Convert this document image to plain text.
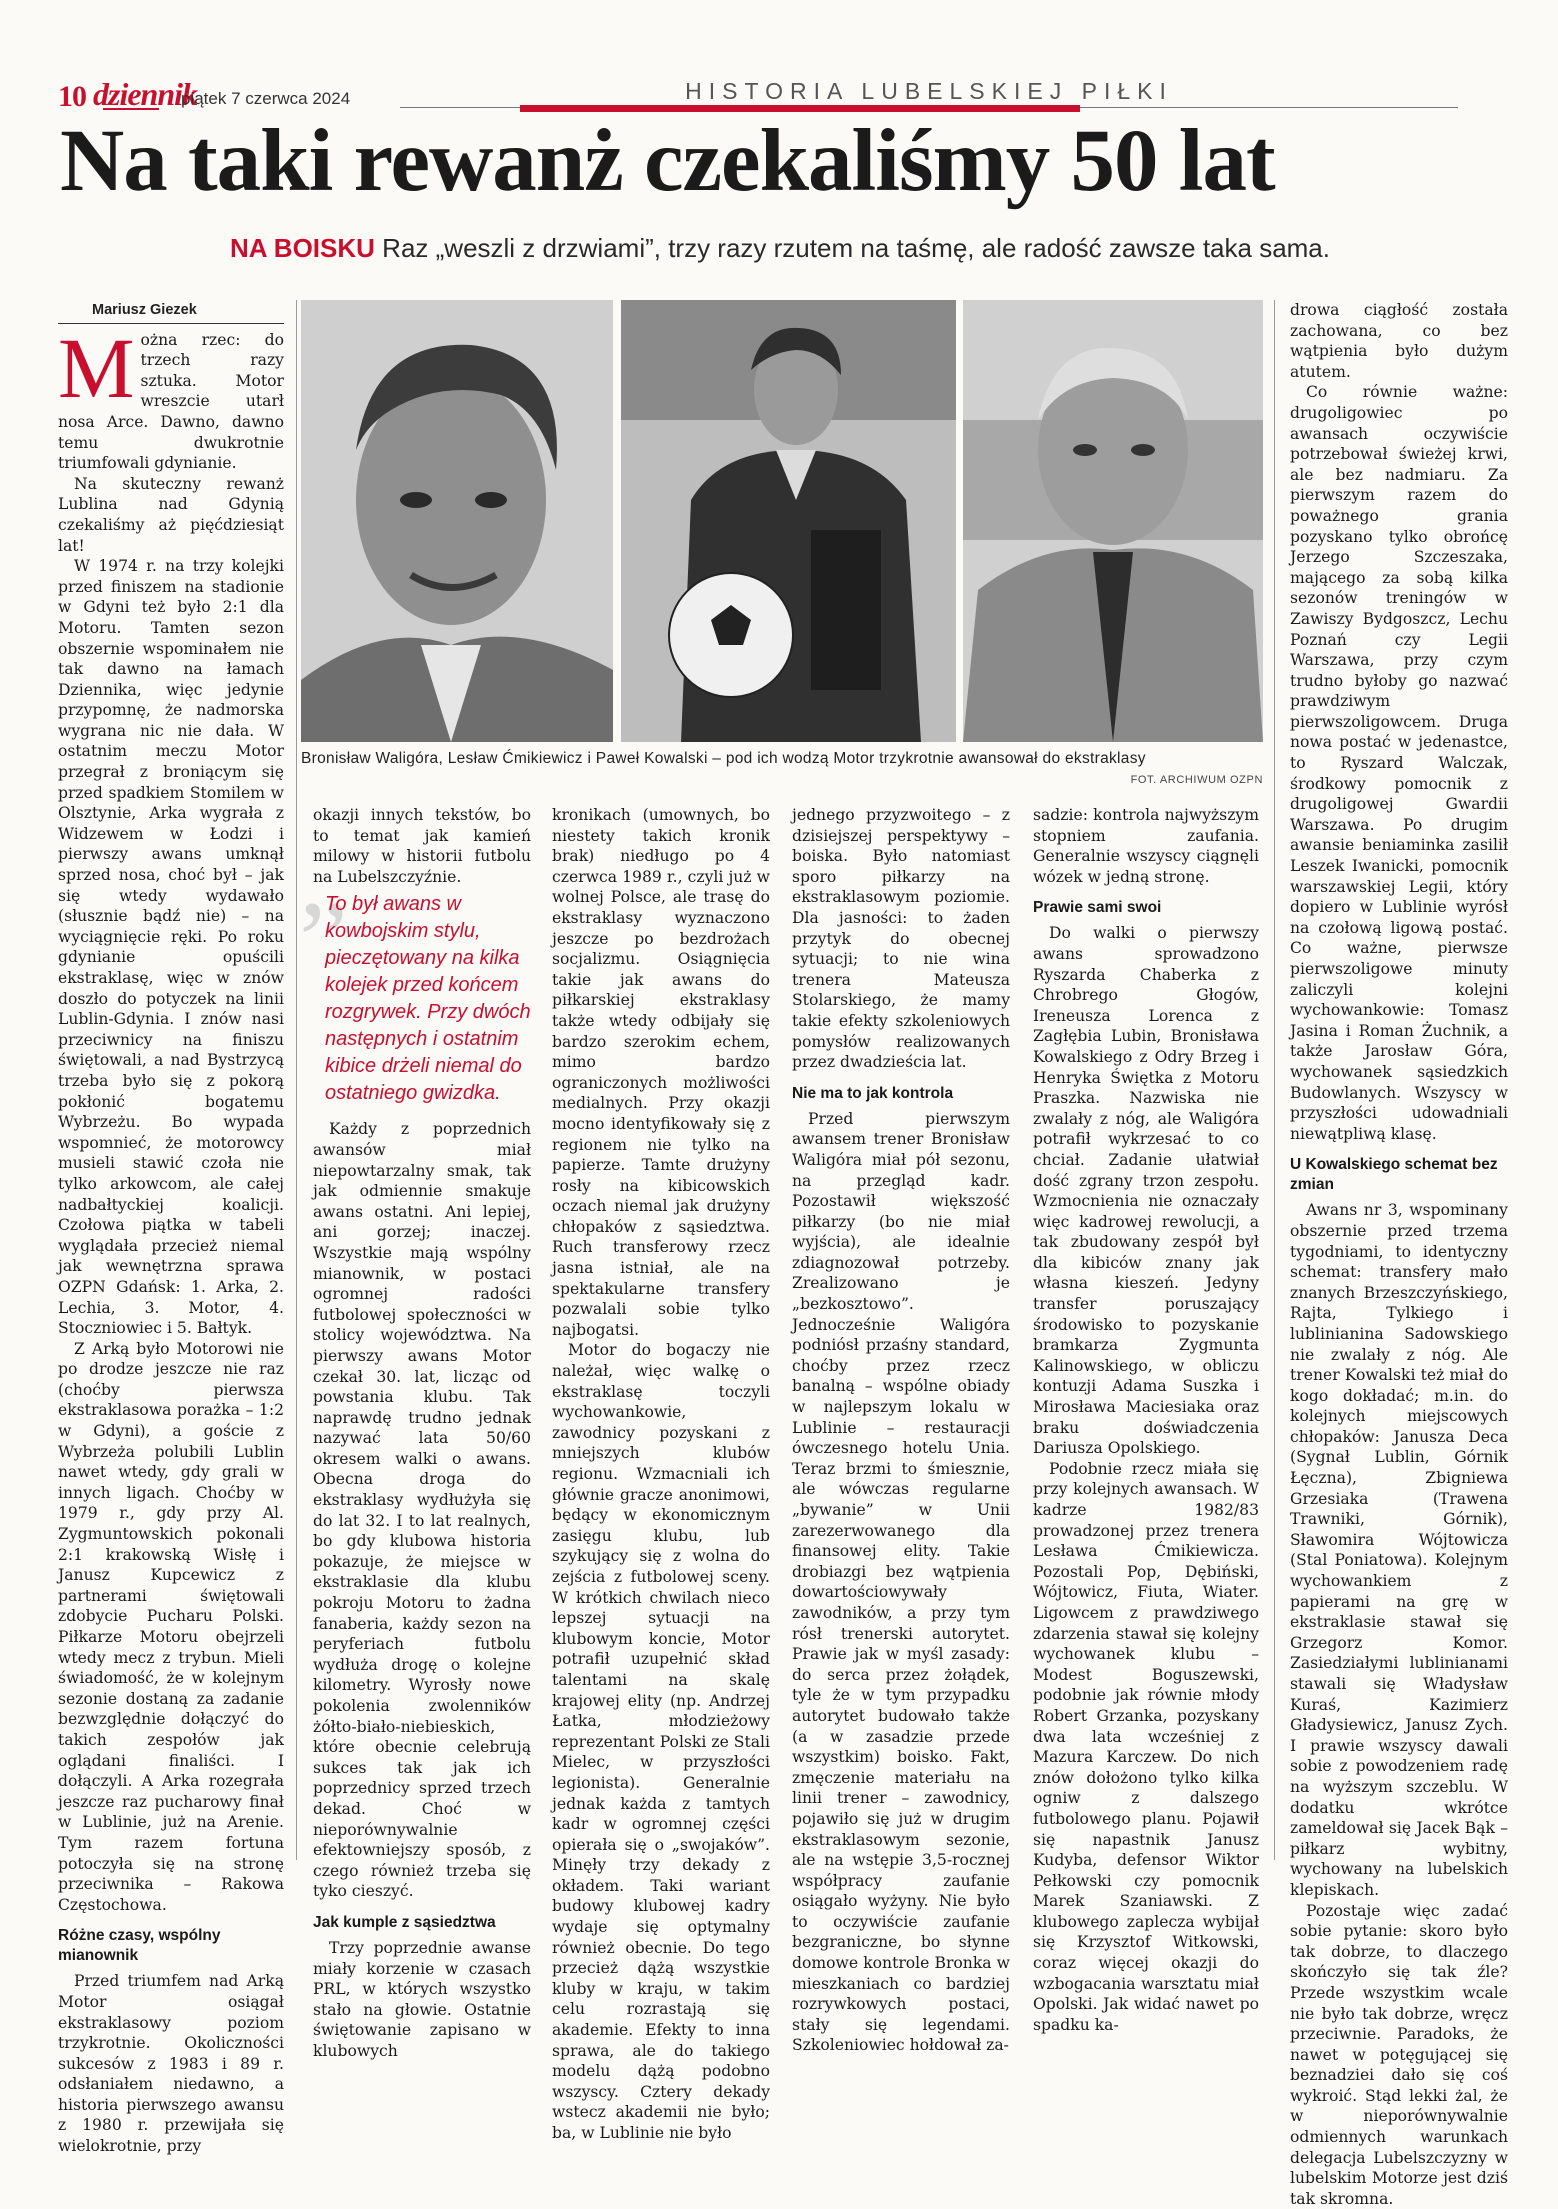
10 dziennik
piątek 7 czerwca 2024	HISTORIA LUBELSKIEJ PIŁKI
Na taki rewanż czekaliśmy 50 lat
NA BOISKU Raz „weszli z drzwiami”, trzy razy rzutem na taśmę, ale radość zawsze taka sama.
Bronisław Waligóra, Lesław Ćmikiewicz i Paweł Kowalski – pod ich wodzą Motor trzykrotnie awansował do ekstraklasy
FOT. ARCHIWUM OZPN
Mariusz Giezek

Można rzec: do trzech razy sztuka. Motor wreszcie utarł nosa Arce. Dawno, dawno temu dwukrotnie triumfowali gdynianie.

Na skuteczny rewanż Lublina nad Gdynią czekaliśmy aż pięćdziesiąt lat!

W 1974 r. na trzy kolejki przed finiszem na stadionie w Gdyni też było 2:1 dla Motoru. Tamten sezon obszernie wspominałem nie tak dawno na łamach Dziennika, więc jedynie przypomnę, że nadmorska wygrana nic nie dała. W ostatnim meczu Motor przegrał z broniącym się przed spadkiem Stomilem w Olsztynie, Arka wygrała z Widzewem w Łodzi i pierwszy awans umknął sprzed nosa, choć był – jak się wtedy wydawało (słusznie bądź nie) – na wyciągnięcie ręki. Po roku gdynianie opuścili ekstraklasę, więc w znów doszło do potyczek na linii Lublin-Gdynia. I znów nasi przeciwnicy na finiszu świętowali, a nad Bystrzycą trzeba było się z pokorą pokłonić bogatemu Wybrzeżu. Bo wypada wspomnieć, że motorowcy musieli stawić czoła nie tylko arkowcom, ale całej nadbałtyckiej koalicji. Czołowa piątka w tabeli wyglądała przecież niemal jak wewnętrzna sprawa OZPN Gdańsk: 1. Arka, 2. Lechia, 3. Motor, 4. Stoczniowiec i 5. Bałtyk.

Z Arką było Motorowi nie po drodze jeszcze nie raz (choćby pierwsza ekstraklasowa porażka – 1:2 w Gdyni), a goście z Wybrzeża polubili Lublin nawet wtedy, gdy grali w innych ligach. Choćby w 1979 r., gdy przy Al. Zygmuntowskich pokonali 2:1 krakowską Wisłę i Janusz Kupcewicz z partnerami świętowali zdobycie Pucharu Polski. Piłkarze Motoru obejrzeli wtedy mecz z trybun. Mieli świadomość, że w kolejnym sezonie dostaną za zadanie bezwzględnie dołączyć do takich zespołów jak oglądani finaliści. I dołączyli. A Arka rozegrała jeszcze raz pucharowy finał w Lublinie, już na Arenie. Tym razem fortuna potoczyła się na stronę przeciwnika – Rakowa Częstochowa.

Różne czasy, wspólny mianownik

Przed triumfem nad Arką Motor osiągał ekstraklasowy poziom trzykrotnie. Okoliczności sukcesów z 1983 i 89 r. odsłaniałem niedawno, a historia pierwszego awansu z 1980 r. przewijała się wielokrotnie, przy

okazji innych tekstów, bo to temat jak kamień milowy w historii futbolu na Lubelszczyźnie.

”
To był awans w kowbojskim stylu, pieczętowany na kilka kolejek przed końcem rozgrywek. Przy dwóch następnych i ostatnim kibice drżeli niemal do ostatniego gwizdka.

Każdy z poprzednich awansów miał niepowtarzalny smak, tak jak odmiennie smakuje awans ostatni. Ani lepiej, ani gorzej; inaczej. Wszystkie mają wspólny mianownik, w postaci ogromnej radości futbolowej społeczności w stolicy województwa. Na pierwszy awans Motor czekał 30. lat, licząc od powstania klubu. Tak naprawdę trudno jednak nazywać lata 50/60 okresem walki o awans. Obecna droga do ekstraklasy wydłużyła się do lat 32. I to lat realnych, bo gdy klubowa historia pokazuje, że miejsce w ekstraklasie dla klubu pokroju Motoru to żadna fanaberia, każdy sezon na peryferiach futbolu wydłuża drogę o kolejne kilometry. Wyrosły nowe pokolenia zwolenników żółto-biało-niebieskich, które obecnie celebrują sukces tak jak ich poprzednicy sprzed trzech dekad. Choć w nieporównywalnie efektowniejszy sposób, z czego również trzeba się tyko cieszyć.

Jak kumple z sąsiedztwa

Trzy poprzednie awanse miały korzenie w czasach PRL, w których wszystko stało na głowie. Ostatnie świętowanie zapisano w klubowych

kronikach (umownych, bo niestety takich kronik brak) niedługo po 4 czerwca 1989 r., czyli już w wolnej Polsce, ale trasę do ekstraklasy wyznaczono jeszcze po bezdrożach socjalizmu. Osiągnięcia takie jak awans do piłkarskiej ekstraklasy także wtedy odbijały się bardzo szerokim echem, mimo bardzo ograniczonych możliwości medialnych. Przy okazji mocno identyfikowały się z regionem nie tylko na papierze. Tamte drużyny rosły na kibicowskich oczach niemal jak drużyny chłopaków z sąsiedztwa. Ruch transferowy rzecz jasna istniał, ale na spektakularne transfery pozwalali sobie tylko najbogatsi.

Motor do bogaczy nie należał, więc walkę o ekstraklasę toczyli wychowankowie, zawodnicy pozyskani z mniejszych klubów regionu. Wzmacniali ich głównie gracze anonimowi, będący w ekonomicznym zasięgu klubu, lub szykujący się z wolna do zejścia z futbolowej sceny. W krótkich chwilach nieco lepszej sytuacji na klubowym koncie, Motor potrafił uzupełnić skład talentami na skalę krajowej elity (np. Andrzej Łatka, młodzieżowy reprezentant Polski ze Stali Mielec, w przyszłości legionista). Generalnie jednak każda z tamtych kadr w ogromnej części opierała się o „swojaków”. Minęły trzy dekady z okładem. Taki wariant budowy klubowej kadry wydaje się optymalny również obecnie. Do tego przecież dążą wszystkie kluby w kraju, w takim celu rozrastają się akademie. Efekty to inna sprawa, ale do takiego modelu dążą podobno wszyscy. Cztery dekady wstecz akademii nie było; ba, w Lublinie nie było

jednego przyzwoitego – z dzisiejszej perspektywy – boiska. Było natomiast sporo piłkarzy na ekstraklasowym poziomie. Dla jasności: to żaden przytyk do obecnej sytuacji; to nie wina trenera Mateusza Stolarskiego, że mamy takie efekty szkoleniowych pomysłów realizowanych przez dwadzieścia lat.

Nie ma to jak kontrola

Przed pierwszym awansem trener Bronisław Waligóra miał pół sezonu, na przegląd kadr. Pozostawił większość piłkarzy (bo nie miał wyjścia), ale idealnie zdiagnozował potrzeby. Zrealizowano je „bezkosztowo”. Jednocześnie Waligóra podniósł przaśny standard, choćby przez rzecz banalną – wspólne obiady w najlepszym lokalu w Lublinie – restauracji ówczesnego hotelu Unia. Teraz brzmi to śmiesznie, ale wówczas regularne „bywanie” w Unii zarezerwowanego dla finansowej elity. Takie drobiazgi bez wątpienia dowartościowywały zawodników, a przy tym rósł trenerski autorytet. Prawie jak w myśl zasady: do serca przez żołądek, tyle że w tym przypadku autorytet budowało także (a w zasadzie przede wszystkim) boisko. Fakt, zmęczenie materiału na linii trener – zawodnicy, pojawiło się już w drugim ekstraklasowym sezonie, ale na wstępie 3,5-rocznej współpracy zaufanie osiągało wyżyny. Nie było to oczywiście zaufanie bezgraniczne, bo słynne domowe kontrole Bronka w mieszkaniach co bardziej rozrywkowych postaci, stały się legendami. Szkoleniowiec hołdował za-

sadzie: kontrola najwyższym stopniem zaufania. Generalnie wszyscy ciągnęli wózek w jedną stronę.

Prawie sami swoi

Do walki o pierwszy awans sprowadzono Ryszarda Chaberka z Chrobrego Głogów, Ireneusza Lorenca z Zagłębia Lubin, Bronisława Kowalskiego z Odry Brzeg i Henryka Świętka z Motoru Praszka. Nazwiska nie zwalały z nóg, ale Waligóra potrafił wykrzesać to co chciał. Zadanie ułatwiał dość zgrany trzon zespołu. Wzmocnienia nie oznaczały więc kadrowej rewolucji, a tak zbudowany zespół był dla kibiców znany jak własna kieszeń. Jedyny transfer poruszający środowisko to pozyskanie bramkarza Zygmunta Kalinowskiego, w obliczu kontuzji Adama Suszka i Mirosława Maciesiaka oraz braku doświadczenia Dariusza Opolskiego.

Podobnie rzecz miała się przy kolejnych awansach. W kadrze 1982/83 prowadzonej przez trenera Lesława Ćmikiewicza. Pozostali Pop, Dębiński, Wójtowicz, Fiuta, Wiater. Ligowcem z prawdziwego zdarzenia stawał się kolejny wychowanek klubu – Modest Boguszewski, podobnie jak równie młody Robert Grzanka, pozyskany dwa lata wcześniej z Mazura Karczew. Do nich znów dołożono tylko kilka ogniw z dalszego futbolowego planu. Pojawił się napastnik Janusz Kudyba, defensor Wiktor Pełkowski czy pomocnik Marek Szaniawski. Z klubowego zaplecza wybijał się Krzysztof Witkowski, coraz więcej okazji do wzbogacania warsztatu miał Opolski. Jak widać nawet po spadku ka-

drowa ciągłość została zachowana, co bez wątpienia było dużym atutem.

Co równie ważne: drugoligowiec po awansach oczywiście potrzebował świeżej krwi, ale bez nadmiaru. Za pierwszym razem do poważnego grania pozyskano tylko obrońcę Jerzego Szczeszaka, mającego za sobą kilka sezonów treningów w Zawiszy Bydgoszcz, Lechu Poznań czy Legii Warszawa, przy czym trudno byłoby go nazwać prawdziwym pierwszoligowcem. Druga nowa postać w jedenastce, to Ryszard Walczak, środkowy pomocnik z drugoligowej Gwardii Warszawa. Po drugim awansie beniaminka zasilił Leszek Iwanicki, pomocnik warszawskiej Legii, który dopiero w Lublinie wyrósł na czołową ligową postać. Co ważne, pierwsze pierwszoligowe minuty zaliczyli kolejni wychowankowie: Tomasz Jasina i Roman Żuchnik, a także Jarosław Góra, wychowanek sąsiedzkich Budowlanych. Wszyscy w przyszłości udowadniali niewątpliwą klasę.

U Kowalskiego schemat bez zmian

Awans nr 3, wspominany obszernie przed trzema tygodniami, to identyczny schemat: transfery mało znanych Brzeszczyńskiego, Rajta, Tylkiego i lublinianina Sadowskiego nie zwalały z nóg. Ale trener Kowalski też miał do kogo dokładać; m.in. do kolejnych miejscowych chłopaków: Janusza Deca (Sygnał Lublin, Górnik Łęczna), Zbigniewa Grzesiaka (Trawena Trawniki, Górnik), Sławomira Wójtowicza (Stal Poniatowa). Kolejnym wychowankiem z papierami na grę w ekstraklasie stawał się Grzegorz Komor. Zasiedziałymi lublinianami stawali się Władysław Kuraś, Kazimierz Gładysiewicz, Janusz Zych. I prawie wszyscy dawali sobie z powodzeniem radę na wyższym szczeblu. W dodatku wkrótce zameldował się Jacek Bąk – piłkarz wybitny, wychowany na lubelskich klepiskach.

Pozostaje więc zadać sobie pytanie: skoro było tak dobrze, to dlaczego skończyło się tak źle? Przede wszystkim wcale nie było tak dobrze, wręcz przeciwnie. Paradoks, że nawet w potęgującej się beznadziei dało się coś wykroić. Stąd lekki żal, że w nieporównywalnie odmiennych warunkach delegacja Lubelszczyzny w lubelskim Motorze jest dziś tak skromna.
